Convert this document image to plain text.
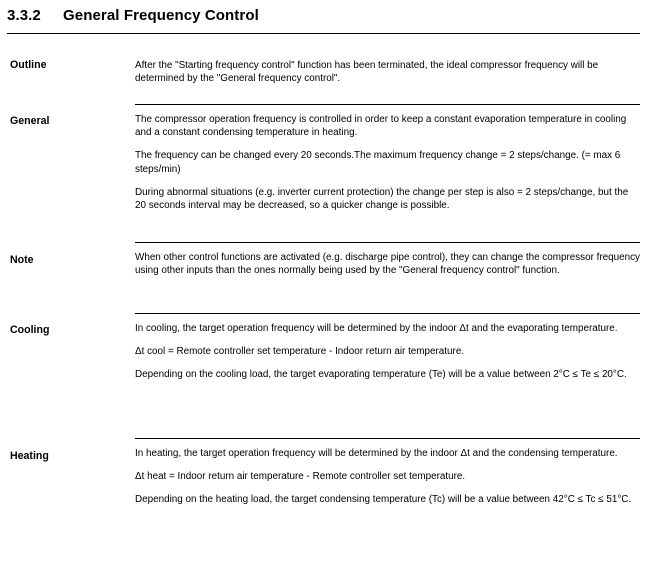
3.3.2 General Frequency Control
Outline	After the "Starting frequency control" function has been terminated, the ideal compressor frequency will be determined by the "General frequency control".

General	The compressor operation frequency is controlled in order to keep a constant evaporation temperature in cooling and a constant condensing temperature in heating.

The frequency can be changed every 20 seconds.The maximum frequency change = 2 steps/change. (= max 6 steps/min)

During abnormal situations (e.g. inverter current protection) the change per step is also = 2 steps/change, but the 20 seconds interval may be decreased, so a quicker change is possible.

Note	When other control functions are activated (e.g. discharge pipe control), they can change the compressor frequency using other inputs than the ones normally being used by the "General frequency control" function.

Cooling	In cooling, the target operation frequency will be determined by the indoor Δt and the evaporating temperature.

Δt cool = Remote controller set temperature - Indoor return air temperature.

Depending on the cooling load, the target evaporating temperature (Te) will be a value between 2°C ≤ Te ≤ 20°C.

Heating	In heating, the target operation frequency will be determined by the indoor Δt and the condensing temperature.

Δt heat = Indoor return air temperature - Remote controller set temperature.

Depending on the heating load, the target condensing temperature (Tc) will be a value between 42°C ≤ Tc ≤ 51°C.
